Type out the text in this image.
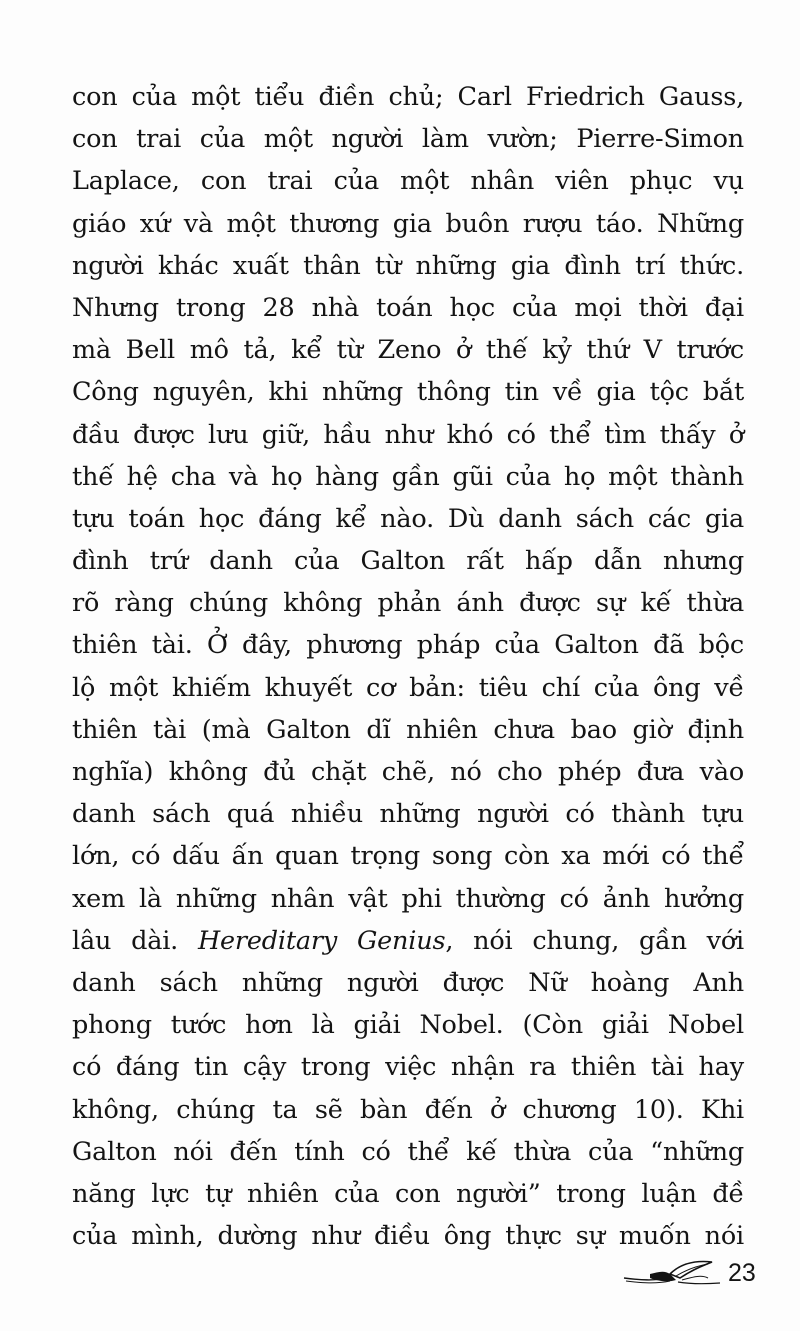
con của một tiểu điền chủ; Carl Friedrich Gauss,
con trai của một người làm vườn; Pierre-Simon
Laplace, con trai của một nhân viên phục vụ
giáo xứ và một thương gia buôn rượu táo. Những
người khác xuất thân từ những gia đình trí thức.
Nhưng trong 28 nhà toán học của mọi thời đại
mà Bell mô tả, kể từ Zeno ở thế kỷ thứ V trước
Công nguyên, khi những thông tin về gia tộc bắt
đầu được lưu giữ, hầu như khó có thể tìm thấy ở
thế hệ cha và họ hàng gần gũi của họ một thành
tựu toán học đáng kể nào. Dù danh sách các gia
đình trứ danh của Galton rất hấp dẫn nhưng
rõ ràng chúng không phản ánh được sự kế thừa
thiên tài. Ở đây, phương pháp của Galton đã bộc
lộ một khiếm khuyết cơ bản: tiêu chí của ông về
thiên tài (mà Galton dĩ nhiên chưa bao giờ định
nghĩa) không đủ chặt chẽ, nó cho phép đưa vào
danh sách quá nhiều những người có thành tựu
lớn, có dấu ấn quan trọng song còn xa mới có thể
xem là những nhân vật phi thường có ảnh hưởng
lâu dài. Hereditary Genius, nói chung, gần với
danh sách những người được Nữ hoàng Anh
phong tước hơn là giải Nobel. (Còn giải Nobel
có đáng tin cậy trong việc nhận ra thiên tài hay
không, chúng ta sẽ bàn đến ở chương 10). Khi
Galton nói đến tính có thể kế thừa của “những
năng lực tự nhiên của con người” trong luận đề
của mình, dường như điều ông thực sự muốn nói
23
